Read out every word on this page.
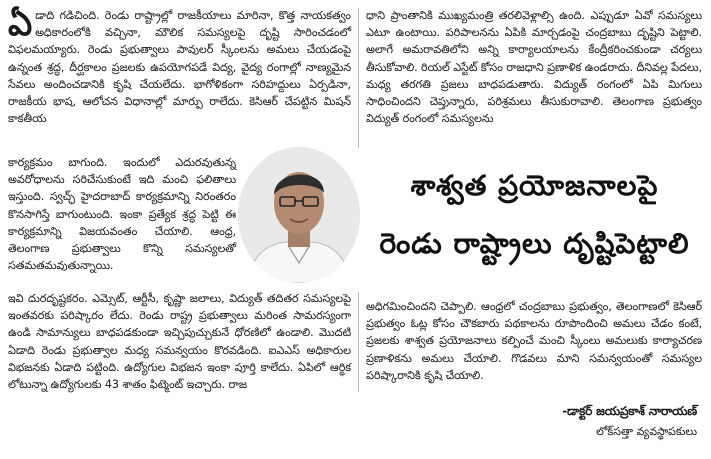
ఏ డాది గడిచింది. రెండు రాష్ట్రాల్లో రాజకీయాలు మారినా, కొత్త నాయకత్వం అధికారంలోకి వచ్చినా, మౌలిక సమస్యలపై దృష్టి సారించడంలో విఫలమయ్యారు. రెండు ప్రభుత్వాలు పావులర్ స్కీంలను అమలు చేయడంపై ఉన్నంత శ్రద్ధ, దీర్ఘకాలం ప్రజలకు ఉపయోగపడే విద్య, వైద్య రంగాల్లో నాణ్యమైన సేవలు అందించడానికి కృషి చేయలేదు. భాగోళికంగా సరిహద్దులు ఏర్పడినా, రాజకీయ భాష, ఆలోచన విధానాల్లో మార్పు రాలేదు. కెసిఆర్ చేపట్టిన మిషన్ కాకతీయ

కార్యక్రమం బాగుంది. ఇందులో ఎదురవుతున్న అవరోధాలను సరిచేసుకుంటే ఇది మంచి ఫలితాలు ఇస్తుంది. స్వచ్ఛ్ హైదరాబాద్ కార్యక్రమాన్ని నిరంతరం కొనసాగిస్తే బాగుంటుంది. ఇంకా ప్రత్యేక శ్రద్ధ పెట్టి ఈ కార్యక్రమాన్ని విజయవంతం చేయాలి. ఆంధ్ర, తెలంగాణ ప్రభుత్వాలు కొన్ని సమస్యలతో సతమతమవుతున్నాయి.

ఇవి దురదృష్టకరం. ఎమ్సెట్, ఆర్టీసీ, కృష్ణా జలాలు, విద్యుత్ తదితర సమస్యలపై ఇంతవరకు పరిష్కారం లేదు. రెండు రాష్ట్ర ప్రభుత్వాలు మరింత సామరస్యంగా ఉండి సామాన్యులు బాధపడకుండా ఇచ్చిపుచ్చుకునే ధోరణిలో ఉండాలి. మొదటి ఏడాది రెండు ప్రభుత్వాల మధ్య సమన్వయం కొరవడింది. ఐఎఎస్ అధికారుల విభజనకు ఏడాది పట్టింది. ఉద్యోగుల విభజన ఇంకా పూర్తి కాలేదు. ఏపిలో ఆర్థిక లోటున్నా ఉద్యోగులకు 43 శాతం ఫిట్మెంట్ ఇచ్చారు. రాజ

ధాని ప్రాంతానికి ముఖ్యమంత్రి తరలివెళ్లాల్సి ఉంది. ఎప్పుడూ ఏవో సమస్యలు ఎటూ ఉంటాయి. పరిపాలనను ఏపికి మార్చడంపై చంద్రబాబు దృష్టిని పెట్టాలి. అలాగే అమరావతిలోని అన్ని కార్యాలయాలను కేంద్రీకరించకుండా చర్యలు తీసుకోవాలి. రియల్ ఎస్టేట్ కోసం రాజధాని ప్రణాళిక ఉండరాదు. దీనివల్ల పేదలు, మధ్య తరగతి ప్రజలు బాధపడుతారు. విద్యుత్ రంగంలో ఏపి మిగులు సాధించిందని చెప్తున్నారు, పరిశ్రమలు తీసుకురావాలి. తెలంగాణ ప్రభుత్వం విద్యుత్ రంగంలో సమస్యలను

శాశ్వత ప్రయోజనాలపై
రెండు రాష్ట్రాలు దృష్టిపెట్టాలి

అధిగమించిందని చెప్పాలి. ఆంధ్రలో చంద్రబాబు ప్రభుత్వం, తెలంగాణలో కెసిఆర్ ప్రభుత్వం ఓట్ల కోసం చౌకబారు పథకాలను రూపొందించి అమలు చేడం కంటే, ప్రజలకు శాశ్వత ప్రయోజనాలు కల్పించే మంచి స్కీంలు అమలుకు కార్యాచరణ ప్రణాళికను అమలు చేయాలి. గొడవలు మాని సమన్వయంతో సమస్యల పరిష్కారానికి కృషి చేయాలి.

-డాక్టర్ జయప్రకాశ్ నారాయణ్
లోక్‌సత్తా వ్యవస్థాపకులు
